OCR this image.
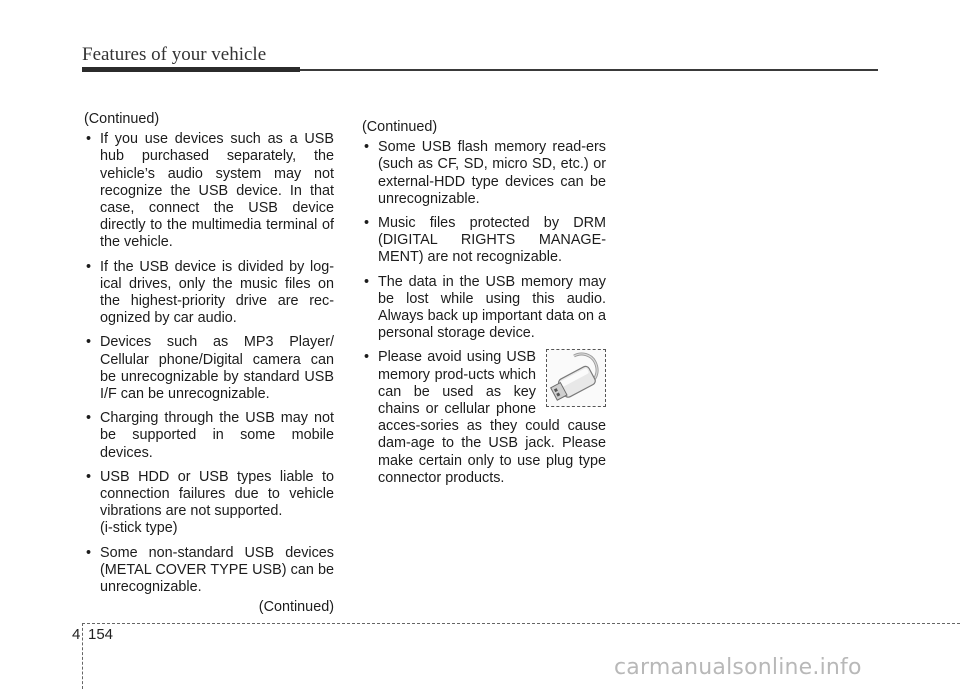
Features of your vehicle

(Continued)

• If you use devices such as a USB hub purchased separately, the vehicle’s audio system may not recognize the USB device. In that case, connect the USB device directly to the multimedia terminal of the vehicle.
• If the USB device is divided by log-ical drives, only the music files on the highest-priority drive are rec-ognized by car audio.
• Devices such as MP3 Player/ Cellular phone/Digital camera can be unrecognizable by standard USB I/F can be unrecognizable.
• Charging through the USB may not be supported in some mobile devices.
• USB HDD or USB types liable to connection failures due to vehicle vibrations are not supported.
(i-stick type)
• Some non-standard USB devices (METAL COVER TYPE USB) can be unrecognizable.

(Continued)

(Continued)

• Some USB flash memory read-ers (such as CF, SD, micro SD, etc.) or external-HDD type devices can be unrecognizable.
• Music files protected by DRM (DIGITAL RIGHTS MANAGE-MENT) are not recognizable.
• The data in the USB memory may be lost while using this audio. Always back up important data on a personal storage device.
• Please avoid using USB memory prod-ucts which can be used as key chains or cellular phone acces-sories as they could cause dam-age to the USB jack. Please make certain only to use plug type connector products.
4 154
carmanualsonline.info
